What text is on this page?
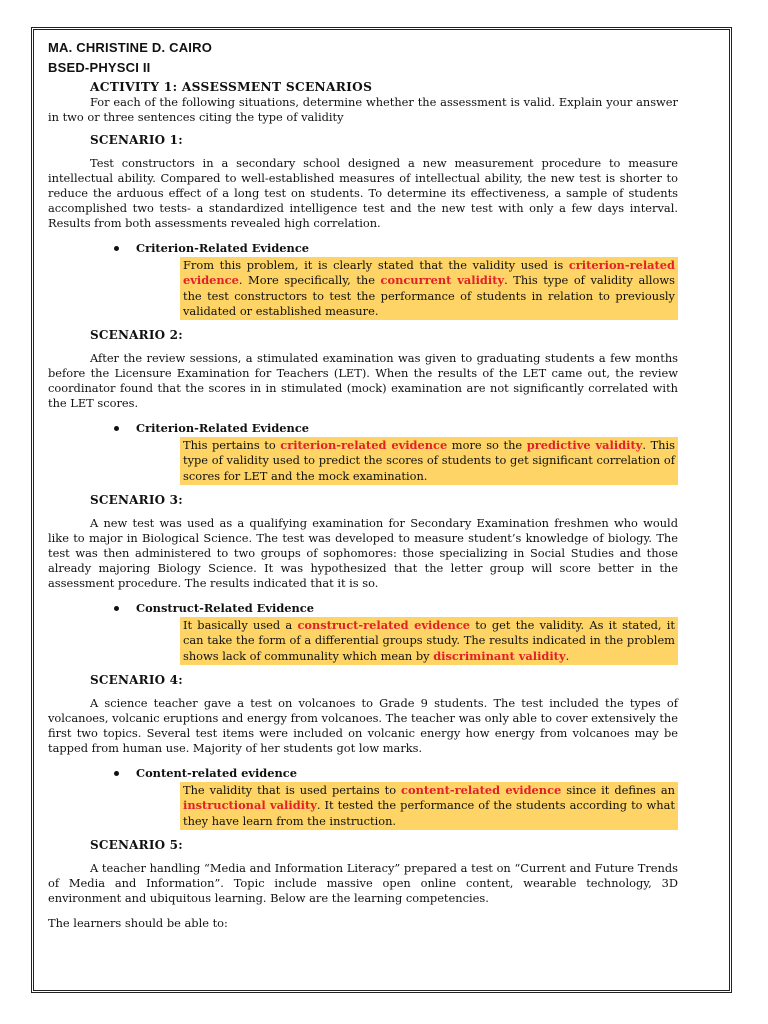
MA. CHRISTINE D. CAIRO
BSED-PHYSCI II
ACTIVITY 1: ASSESSMENT SCENARIOS

For each of the following situations, determine whether the assessment is valid. Explain your answer in two or three sentences citing the type of validity

SCENARIO 1:

Test constructors in a secondary school designed a new measurement procedure to measure intellectual ability. Compared to well-established measures of intellectual ability, the new test is shorter to reduce the arduous effect of a long test on students. To determine its effectiveness, a sample of students accomplished two tests- a standardized intelligence test and the new test with only a few days interval. Results from both assessments revealed high correlation.

Criterion-Related Evidence
From this problem, it is clearly stated that the validity used is criterion-related evidence. More specifically, the concurrent validity. This type of validity allows the test constructors to test the performance of students in relation to previously validated or established measure.
SCENARIO 2:

After the review sessions, a stimulated examination was given to graduating students a few months before the Licensure Examination for Teachers (LET). When the results of the LET came out, the review coordinator found that the scores in in stimulated (mock) examination are not significantly correlated with the LET scores.

Criterion-Related Evidence
This pertains to criterion-related evidence more so the predictive validity. This type of validity used to predict the scores of students to get significant correlation of scores for LET and the mock examination.
SCENARIO 3:

A new test was used as a qualifying examination for Secondary Examination freshmen who would like to major in Biological Science. The test was developed to measure student’s knowledge of biology. The test was then administered to two groups of sophomores: those specializing in Social Studies and those already majoring Biology Science. It was hypothesized that the letter group will score better in the assessment procedure. The results indicated that it is so.

Construct-Related Evidence
It basically used a construct-related evidence to get the validity. As it stated, it can take the form of a differential groups study. The results indicated in the problem shows lack of communality which mean by discriminant validity.
SCENARIO 4:

A science teacher gave a test on volcanoes to Grade 9 students. The test included the types of volcanoes, volcanic eruptions and energy from volcanoes. The teacher was only able to cover extensively the first two topics. Several test items were included on volcanic energy how energy from volcanoes may be tapped from human use. Majority of her students got low marks.

Content-related evidence
The validity that is used pertains to content-related evidence since it defines an instructional validity. It tested the performance of the students according to what they have learn from the instruction.
SCENARIO 5:

A teacher handling “Media and Information Literacy” prepared a test on “Current and Future Trends of Media and Information”. Topic include massive open online content, wearable technology, 3D environment and ubiquitous learning. Below are the learning competencies.

The learners should be able to:
